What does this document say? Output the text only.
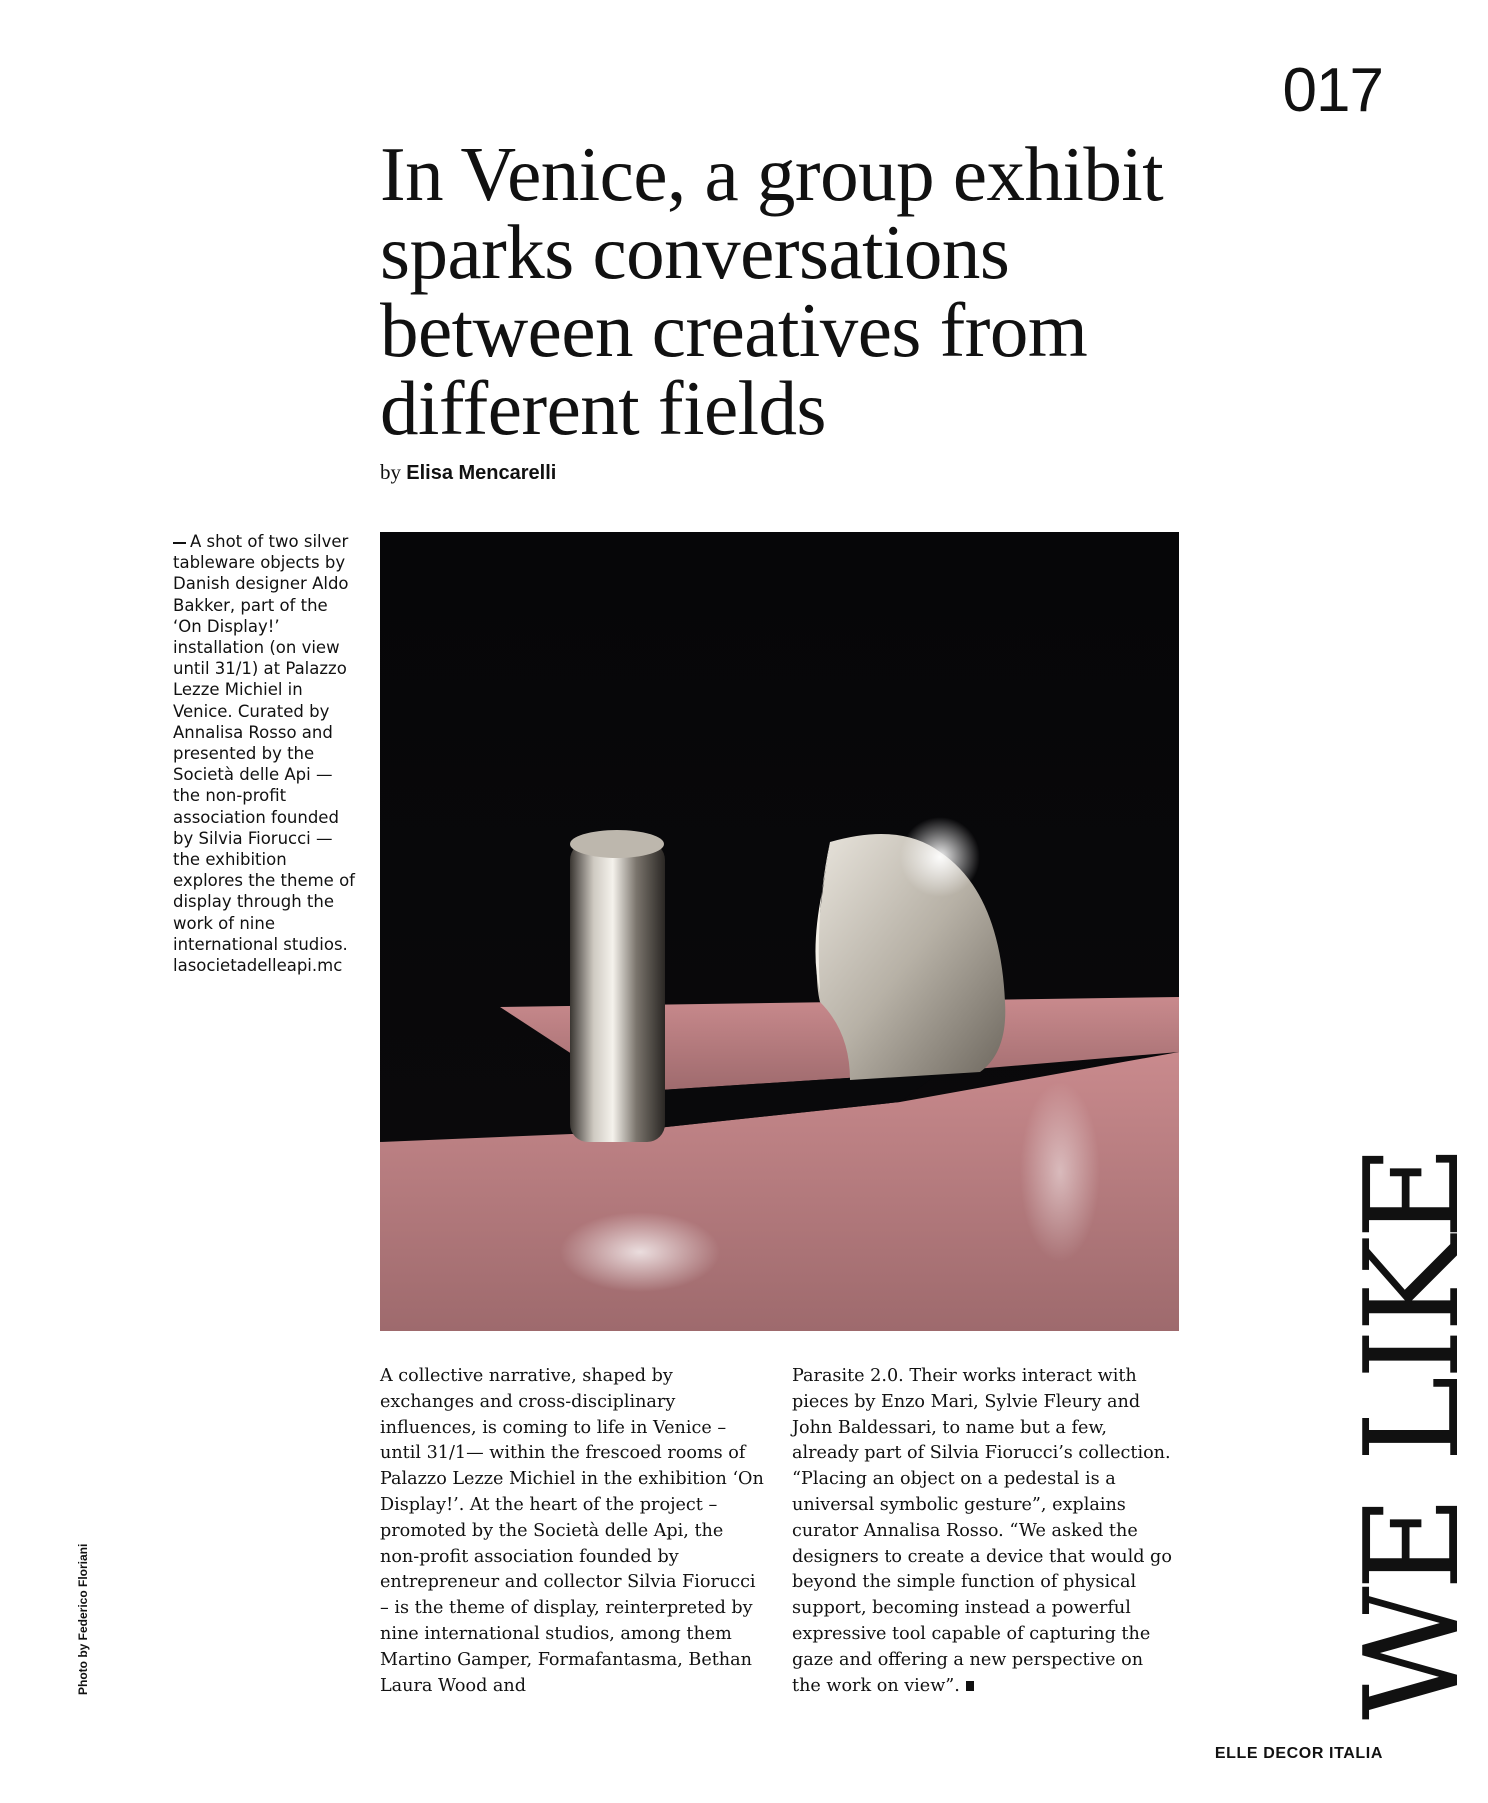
017
In Venice, a group exhibit sparks conversations between creatives from different fields
by Elisa Mencarelli
A shot of two silver tableware objects by Danish designer Aldo Bakker, part of the ‘On Display!’ installation (on view until 31/1) at Palazzo Lezze Michiel in Venice. Curated by Annalisa Rosso and presented by the Società delle Api — the non-profit association founded by Silvia Fiorucci — the exhibition explores the theme of display through the work of nine international studios. lasocietadelleapi.mc
A collective narrative, shaped by exchanges and cross-disciplinary influences, is coming to life in Venice – until 31/1— within the frescoed rooms of Palazzo Lezze Michiel in the exhibition ‘On Display!’. At the heart of the project – promoted by the Società delle Api, the non-profit association founded by entrepreneur and collector Silvia Fiorucci – is the theme of display, reinterpreted by nine international studios, among them Martino Gamper, Formafantasma, Bethan Laura Wood and
Parasite 2.0. Their works interact with pieces by Enzo Mari, Sylvie Fleury and John Baldessari, to name but a few, already part of Silvia Fiorucci’s collection. “Placing an object on a pedestal is a universal symbolic gesture”, explains curator Annalisa Rosso. “We asked the designers to create a device that would go beyond the simple function of physical support, becoming instead a powerful expressive tool capable of capturing the gaze and offering a new perspective on the work on view”.	WE LIKE
Photo by Federico Floriani
ELLE DECOR ITALIA
